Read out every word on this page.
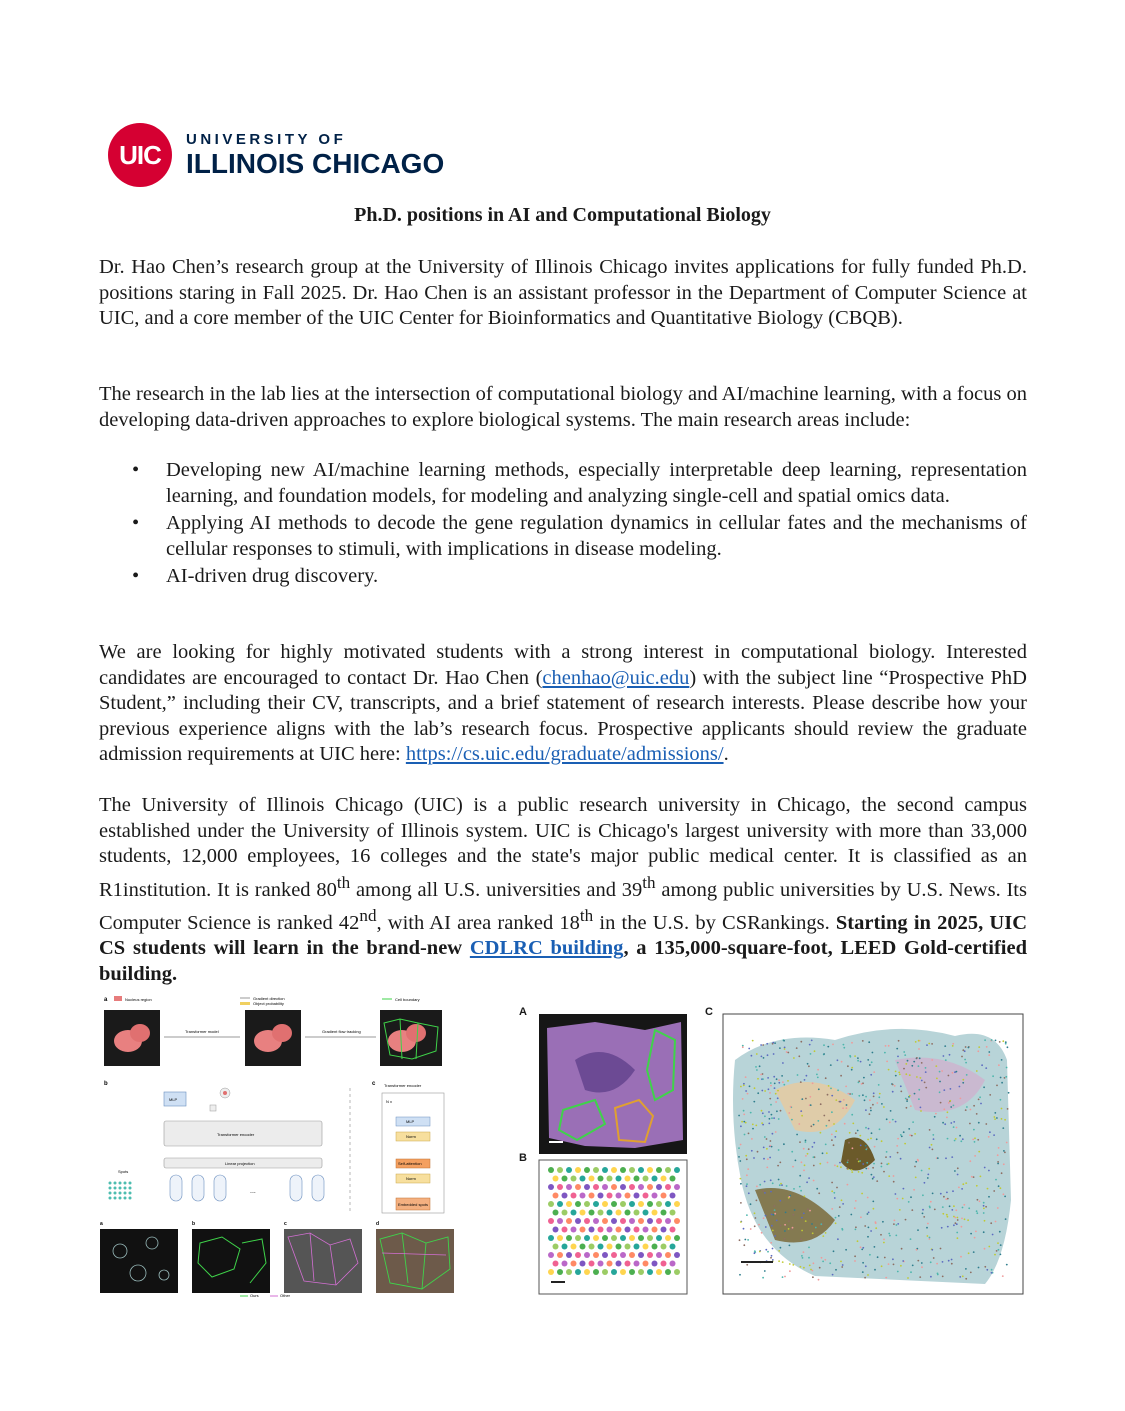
UIC	UNIVERSITY OF
ILLINOIS CHICAGO
Ph.D. positions in AI and Computational Biology
Dr. Hao Chen’s research group at the University of Illinois Chicago invites applications for fully funded Ph.D. positions staring in Fall 2025. Dr. Hao Chen is an assistant professor in the Department of Computer Science at UIC, and a core member of the UIC Center for Bioinformatics and Quantitative Biology (CBQB).
The research in the lab lies at the intersection of computational biology and AI/machine learning, with a focus on developing data-driven approaches to explore biological systems. The main research areas include:
• Developing new AI/machine learning methods, especially interpretable deep learning, representation learning, and foundation models, for modeling and analyzing single-cell and spatial omics data.
• Applying AI methods to decode the gene regulation dynamics in cellular fates and the mechanisms of cellular responses to stimuli, with implications in disease modeling.
• AI-driven drug discovery.
We are looking for highly motivated students with a strong interest in computational biology. Interested candidates are encouraged to contact Dr. Hao Chen (chenhao@uic.edu) with the subject line “Prospective PhD Student,” including their CV, transcripts, and a brief statement of research interests. Please describe how your previous experience aligns with the lab’s research focus. Prospective applicants should review the graduate admission requirements at UIC here: https://cs.uic.edu/graduate/admissions/.
The University of Illinois Chicago (UIC) is a public research university in Chicago, the second campus established under the University of Illinois system. UIC is Chicago's largest university with more than 33,000 students, 12,000 employees, 16 colleges and the state's major public medical center. It is classified as an R1institution. It is ranked 80th among all U.S. universities and 39th among public universities by U.S. News. Its Computer Science is ranked 42nd, with AI area ranked 18th in the U.S. by CSRankings. Starting in 2025, UIC CS students will learn in the brand-new CDLRC building, a 135,000-square-foot, LEED Gold-certified building.
a	Nucleus region	Gradient direction
Object probability
Cell boundary
Transformer model	Gradient flow tracking
b
MLP
Transformer encoder
Linear projection
Spots
...
c Transformer encoder
N x
MLP
Norm
Self-attention
Norm
Embedded spots
a	b	c	d
Ours	Other
A
B
C
